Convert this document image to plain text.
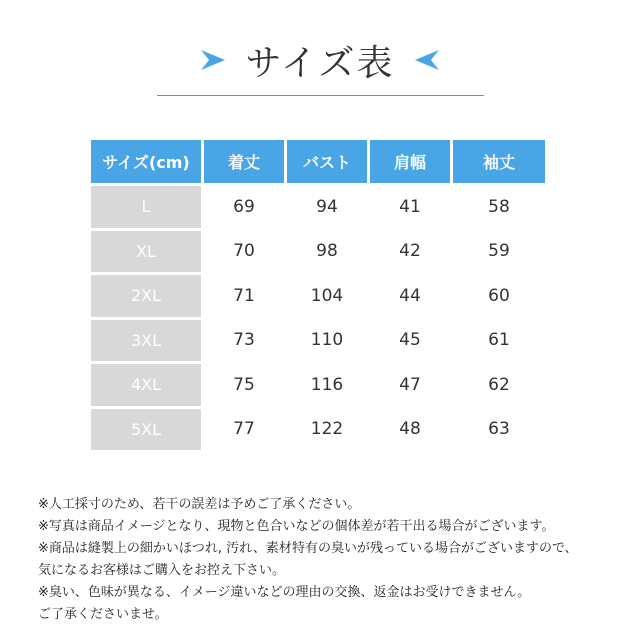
サイズ表
サイズ(cm)	着丈	バスト	肩幅	袖丈
L	69	94	41	58
XL	70	98	42	59
2XL	71	104	44	60
3XL	73	110	45	61
4XL	75	116	47	62
5XL	77	122	48	63

※人工採寸のため、若干の誤差は予めご了承ください。

※写真は商品イメージとなり、現物と色合いなどの個体差が若干出る場合がございます。

※商品は縫製上の細かいほつれ, 汚れ、素材特有の臭いが残っている場合がございますので、

気になるお客様はご購入をお控え下さい。

※臭い、色味が異なる、イメージ違いなどの理由の交換、返金はお受けできません。

ご了承くださいませ。
